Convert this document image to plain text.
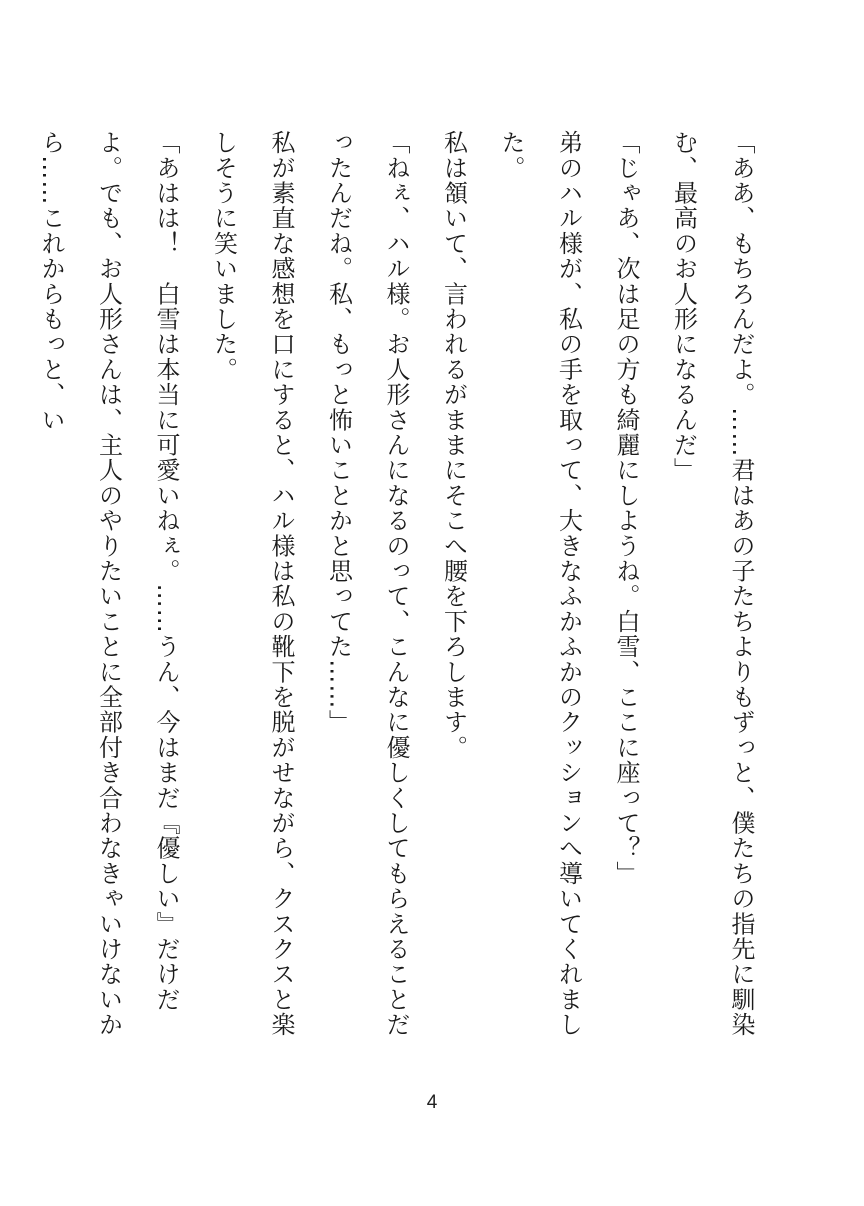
「ああ、もちろんだよ。……君はあの子たちよりもずっと、僕たちの指先に馴染む、最高のお人形になるんだ」

「じゃあ、次は足の方も綺麗にしようね。白雪、ここに座って？」

弟のハル様が、私の手を取って、大きなふかふかのクッションへ導いてくれました。

私は頷いて、言われるがままにそこへ腰を下ろします。

「ねぇ、ハル様。お人形さんになるのって、こんなに優しくしてもらえることだったんだね。私、もっと怖いことかと思ってた……」

私が素直な感想を口にすると、ハル様は私の靴下を脱がせながら、クスクスと楽しそうに笑いました。

「あはは！　白雪は本当に可愛いねぇ。……うん、今はまだ『優しい』だけだよ。でも、お人形さんは、主人のやりたいことに全部付き合わなきゃいけないから……これからもっと、い

4
